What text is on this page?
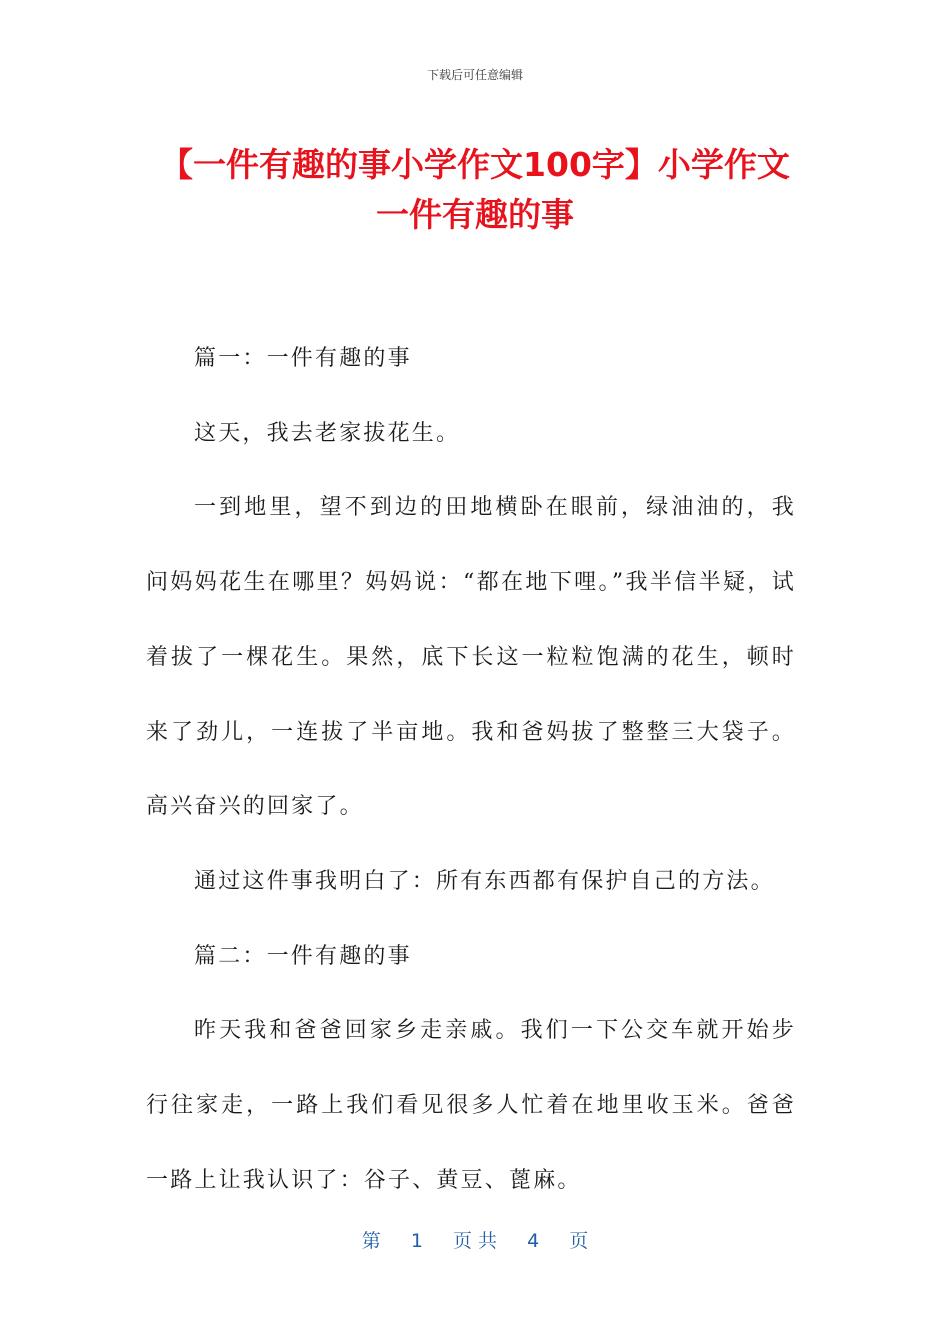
下载后可任意编辑
【一件有趣的事小学作文100字】小学作文
一件有趣的事

篇一：一件有趣的事

这天，我去老家拔花生。

一到地里，望不到边的田地横卧在眼前，绿油油的，我问妈妈花生在哪里？妈妈说：“都在地下哩。”我半信半疑，试着拔了一棵花生。果然，底下长这一粒粒饱满的花生，顿时来了劲儿，一连拔了半亩地。我和爸妈拔了整整三大袋子。高兴奋兴的回家了。

通过这件事我明白了：所有东西都有保护自己的方法。

篇二：一件有趣的事

昨天我和爸爸回家乡走亲戚。我们一下公交车就开始步行往家走，一路上我们看见很多人忙着在地里收玉米。爸爸一路上让我认识了：谷子、黄豆、蓖麻。

第 1 页 共 4 页
